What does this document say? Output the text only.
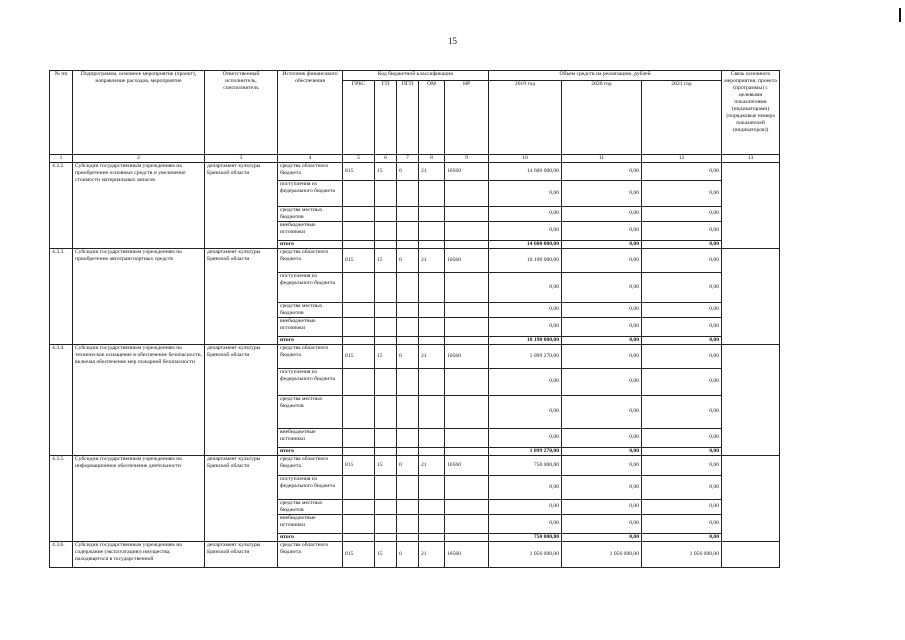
15
№ пп	Подпрограмма, основное мероприятие (проект), направление расходов, мероприятие	Ответственный исполнитель, соисполнитель	Источник финансового обеспечения	Код бюджетной классификации					Объем средств на реализацию, рублей			Связь основного мероприятия, проекта (программы) с целевыми показателями (индикаторами) (порядковые номера показателей (индикаторов))
				ГРБС	ГП	ПГП	ОМ	НР	2019 год	2020 год	2021 год	
1	2	3	4	5	6	7	8	9	10	11	12	13
4.3.2.	Субсидии государственным учреждениям на приобретение основных средств и увеличение стоимости материальных запасов	департамент культуры Брянской области	средства областного бюджета	815	15	0	21	10560	14 600 000,00	0,00	0,00	
			поступления из федерального бюджета						0,00	0,00	0,00	
			средства местных бюджетов						0,00	0,00	0,00	
			внебюджетные источники						0,00	0,00	0,00	
			итого						14 600 000,00	0,00	0,00	
4.3.3.	Субсидии государственным учреждениям на приобретение автотранспортных средств	департамент культуры Брянской области	средства областного бюджета	815	15	0	21	10560	10 190 000,00	0,00	0,00	
			поступления из федерального бюджета						0,00	0,00	0,00	
			средства местных бюджетов						0,00	0,00	0,00	
			внебюджетные источники						0,00	0,00	0,00	
			итого						10 190 000,00	0,00	0,00	
4.3.4.	Субсидии государственным учреждениям на техническое оснащение в обеспечение безопасности, включая обеспечение мер пожарной безопасности	департамент культуры Брянской области	средства областного бюджета	815	15	0	21	10560	1 099 270,00	0,00	0,00	
			поступления из федерального бюджета						0,00	0,00	0,00	
			средства местных бюджетов						0,00	0,00	0,00	
			внебюджетные источники						0,00	0,00	0,00	
			итого						1 099 270,00	0,00	0,00	
4.3.5.	Субсидии государственным учреждениям на информационное обеспечение деятельности	департамент культуры Брянской области	средства областного бюджета	815	15	0	21	10560	750 000,00	0,00	0,00	
			поступления из федерального бюджета						0,00	0,00	0,00	
			средства местных бюджетов						0,00	0,00	0,00	
			внебюджетные источники						0,00	0,00	0,00	
			итого						750 000,00	0,00	0,00	
4.3.6.	Субсидии государственным учреждениям на содержание (эксплуатацию) имущества, находящегося в государственной	департамент культуры Брянской области	средства областного бюджета	815	15	0	21	10560	1 056 000,00	1 056 000,00	1 056 000,00	
